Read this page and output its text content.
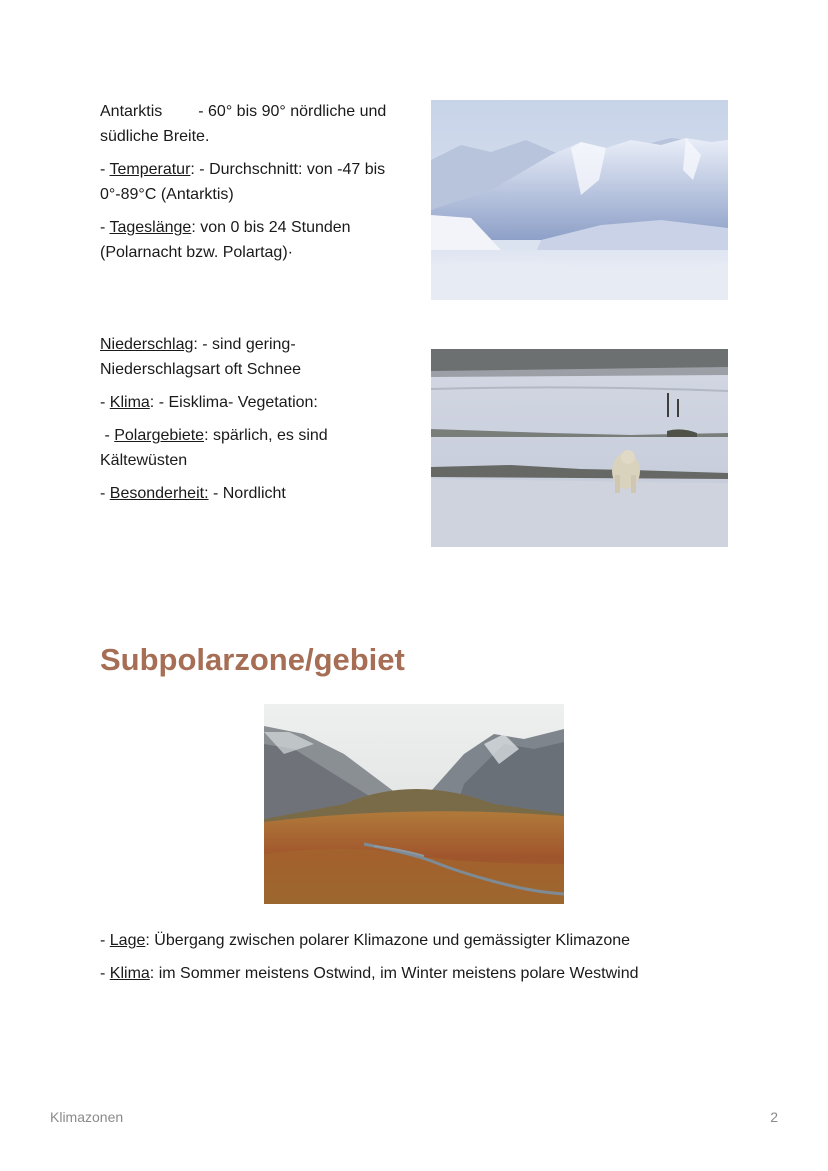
Antarktis - 60° bis 90° nördliche und südliche Breite.

- Temperatur: - Durchschnitt: von -47 bis 0°-89°C (Antarktis)

- Tageslänge: von 0 bis 24 Stunden (Polarnacht bzw. Polartag)·

Niederschlag: - sind gering- Niederschlagsart oft Schnee

- Klima: - Eisklima- Vegetation:

- Polargebiete: spärlich, es sind Kältewüsten

- Besonderheit: - Nordlicht

Subpolarzone/gebiet

- Lage: Übergang zwischen polarer Klimazone und gemässigter Klimazone

- Klima: im Sommer meistens Ostwind, im Winter meistens polare Westwind

Klimazonen	2
